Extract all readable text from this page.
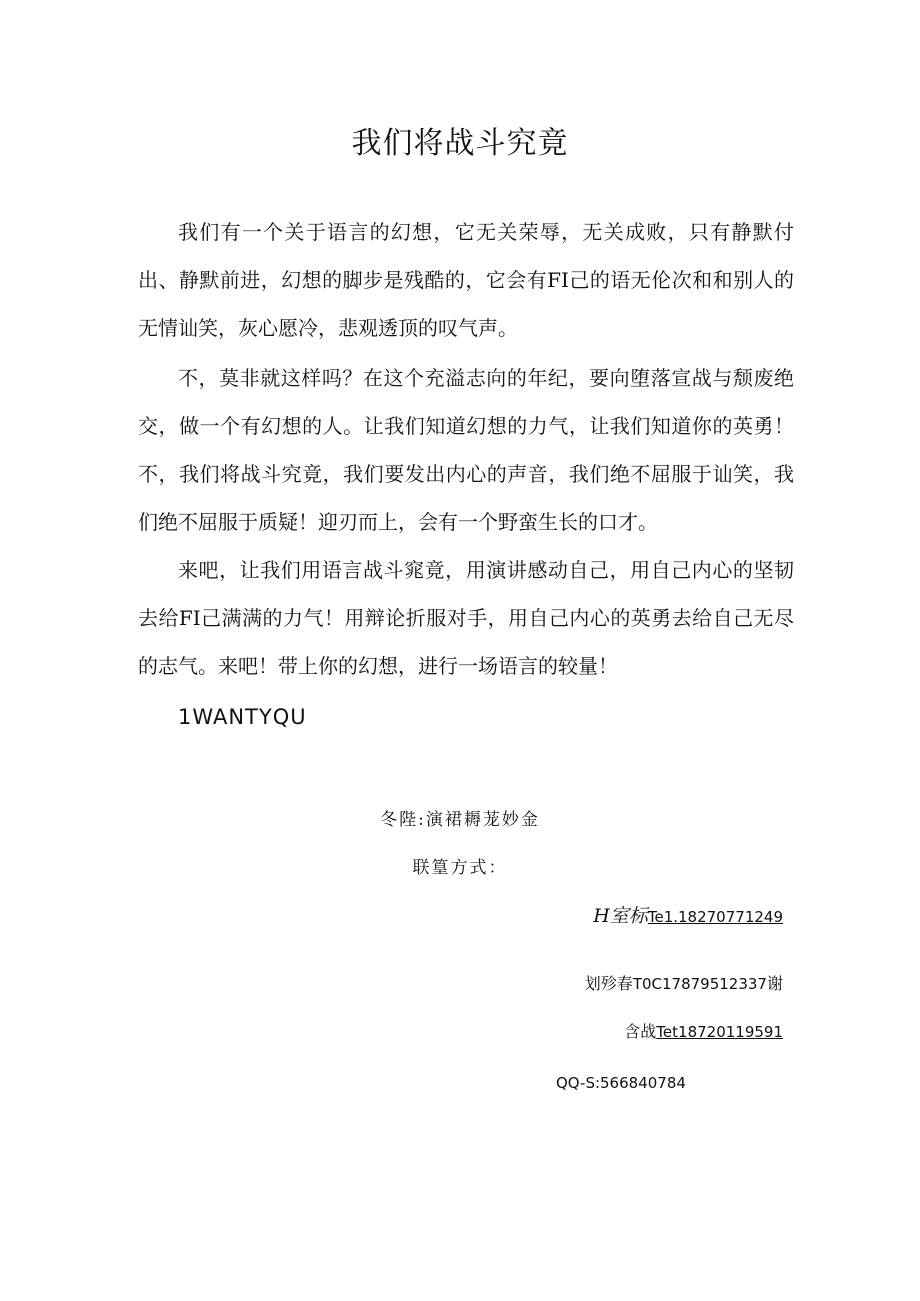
我们将战斗究竟

我们有一个关于语言的幻想，它无关荣辱，无关成败，只有静默付出、静默前进，幻想的脚步是残酷的，它会有FI己的语无伦次和和别人的无情讪笑，灰心愿冷，悲观透顶的叹气声。

不，莫非就这样吗？在这个充溢志向的年纪，要向堕落宣战与颓废绝交，做一个有幻想的人。让我们知道幻想的力气，让我们知道你的英勇！不，我们将战斗究竟，我们要发出内心的声音，我们绝不屈服于讪笑，我们绝不屈服于质疑！迎刃而上，会有一个野蛮生长的口才。

来吧，让我们用语言战斗窕竟，用演讲感动自己，用自己内心的坚韧去给FI己满满的力气！用辩论折服对手，用自己内心的英勇去给自己无尽的志气。来吧！带上你的幻想，进行一场语言的较量！

1WANTYQU
冬陛:演裙耨茏妙金
联篁方式：
H室标Te1.18270771249
划殄春T0C17879512337谢
含战Tet18720119591
QQ-S:566840784
